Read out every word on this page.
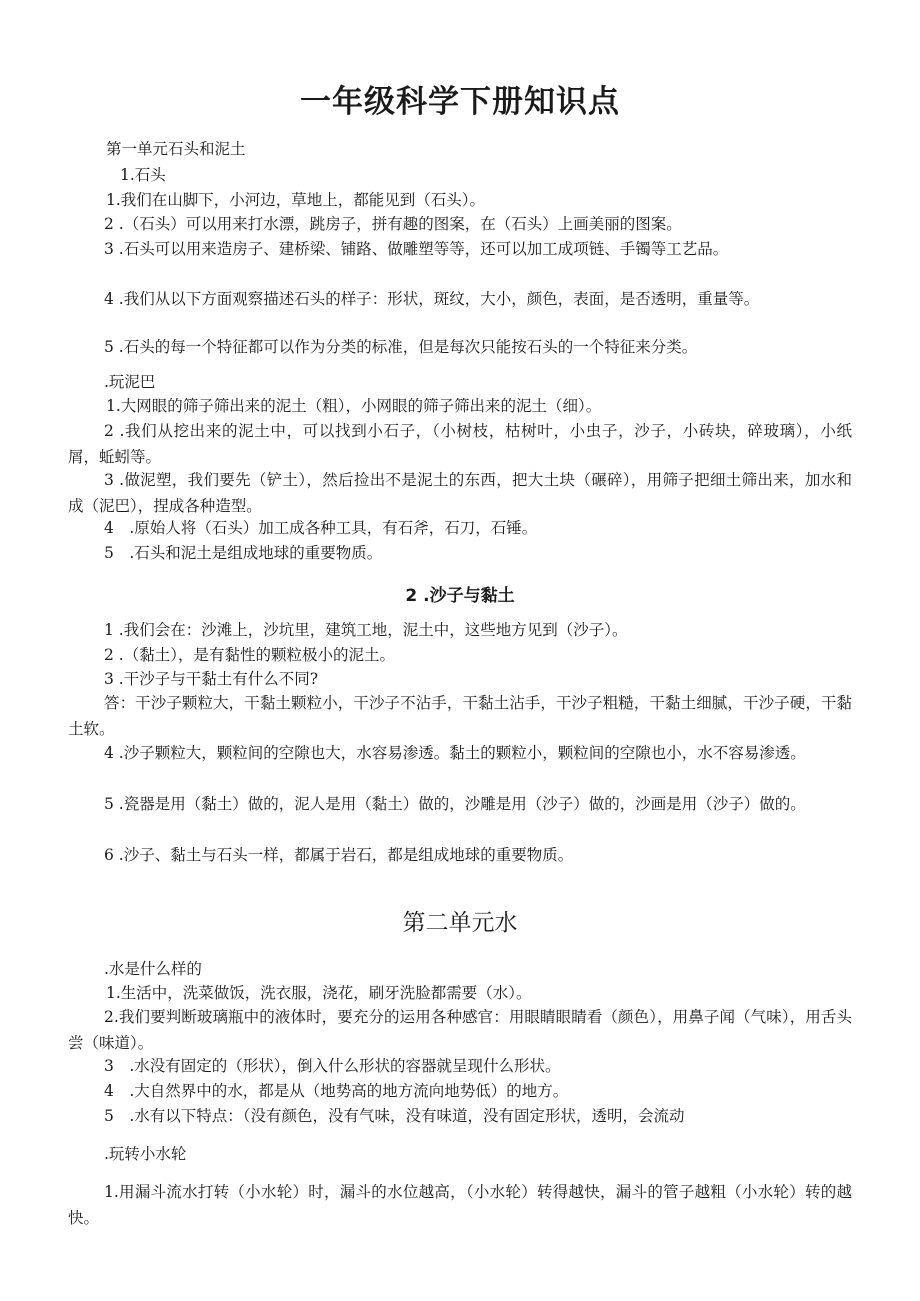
一年级科学下册知识点

第一单元石头和泥土

1.石头

1.我们在山脚下，小河边，草地上，都能见到（石头）。

2 .（石头）可以用来打水漂，跳房子，拼有趣的图案，在（石头）上画美丽的图案。

3 .石头可以用来造房子、建桥梁、铺路、做雕塑等等，还可以加工成项链、手镯等工艺品。

4 .我们从以下方面观察描述石头的样子：形状，斑纹，大小，颜色，表面，是否透明，重量等。

5 .石头的每一个特征都可以作为分类的标准，但是每次只能按石头的一个特征来分类。

.玩泥巴

1.大网眼的筛子筛出来的泥土（粗），小网眼的筛子筛出来的泥土（细）。

2 .我们从挖出来的泥土中，可以找到小石子，（小树枝，枯树叶，小虫子，沙子，小砖块，碎玻璃），小纸屑，蚯蚓等。

3 .做泥塑，我们要先（铲土），然后捡出不是泥土的东西，把大土块（碾碎），用筛子把细土筛出来，加水和成（泥巴），捏成各种造型。

4　.原始人将（石头）加工成各种工具，有石斧，石刀，石锤。

5　.石头和泥土是组成地球的重要物质。

2 .沙子与黏土

1 .我们会在：沙滩上，沙坑里，建筑工地，泥土中，这些地方见到（沙子）。

2 .（黏土），是有黏性的颗粒极小的泥土。

3 .干沙子与干黏土有什么不同?

答：干沙子颗粒大，干黏土颗粒小，干沙子不沾手，干黏土沾手，干沙子粗糙，干黏土细腻，干沙子硬，干黏土软。

4 .沙子颗粒大，颗粒间的空隙也大，水容易渗透。黏土的颗粒小，颗粒间的空隙也小，水不容易渗透。

5 .瓷器是用（黏土）做的，泥人是用（黏土）做的，沙雕是用（沙子）做的，沙画是用（沙子）做的。

6 .沙子、黏土与石头一样，都属于岩石，都是组成地球的重要物质。

第二单元水

.水是什么样的

1.生活中，洗菜做饭，洗衣服，浇花，刷牙洗脸都需要（水）。

2.我们要判断玻璃瓶中的液体时，要充分的运用各种感官：用眼睛眼睛看（颜色），用鼻子闻（气味），用舌头尝（味道）。

3　.水没有固定的（形状），倒入什么形状的容器就呈现什么形状。

4　.大自然界中的水，都是从（地势高的地方流向地势低）的地方。

5　.水有以下特点：（没有颜色，没有气味，没有味道，没有固定形状，透明，会流动

.玩转小水轮

1.用漏斗流水打转（小水轮）时，漏斗的水位越高，（小水轮）转得越快，漏斗的管子越粗（小水轮）转的越快。
